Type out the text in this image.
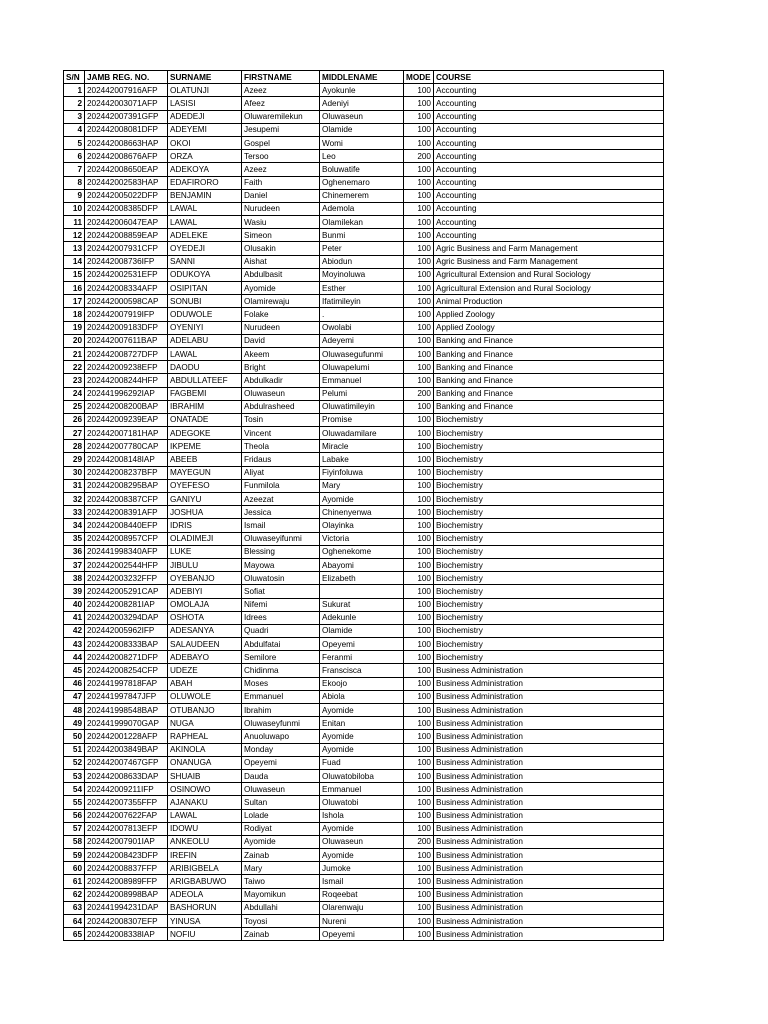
S/N	JAMB REG. NO.	SURNAME	FIRSTNAME	MIDDLENAME	MODE	COURSE
1	202442007916AFP	OLATUNJI	Azeez	Ayokunle	100	Accounting
2	202442003071AFP	LASISI	Afeez	Adeniyi	100	Accounting
3	202442007391GFP	ADEDEJI	Oluwaremilekun	Oluwaseun	100	Accounting
4	202442008081DFP	ADEYEMI	Jesupemi	Olamide	100	Accounting
5	202442008663HAP	OKOI	Gospel	Womi	100	Accounting
6	202442008676AFP	ORZA	Tersoo	Leo	200	Accounting
7	202442008650EAP	ADEKOYA	Azeez	Boluwatife	100	Accounting
8	202442002583HAP	EDAFIRORO	Faith	Oghenemaro	100	Accounting
9	202442005022DFP	BENJAMIN	Daniel	Chinemerem	100	Accounting
10	202442008385DFP	LAWAL	Nurudeen	Ademola	100	Accounting
11	202442006047EAP	LAWAL	Wasiu	Olamilekan	100	Accounting
12	202442008859EAP	ADELEKE	Simeon	Bunmi	100	Accounting
13	202442007931CFP	OYEDEJI	Olusakin	Peter	100	Agric Business and Farm Management
14	202442008736IFP	SANNI	Aishat	Abiodun	100	Agric Business and Farm Management
15	202442002531EFP	ODUKOYA	Abdulbasit	Moyinoluwa	100	Agricultural Extension and Rural Sociology
16	202442008334AFP	OSIPITAN	Ayomide	Esther	100	Agricultural Extension and Rural Sociology
17	202442000598CAP	SONUBI	Olamirewaju	Ifatimileyin	100	Animal Production
18	202442007919IFP	ODUWOLE	Folake	.	100	Applied Zoology
19	202442009183DFP	OYENIYI	Nurudeen	Owolabi	100	Applied Zoology
20	202442007611BAP	ADELABU	David	Adeyemi	100	Banking and Finance
21	202442008727DFP	LAWAL	Akeem	Oluwasegufunmi	100	Banking and Finance
22	202442009238EFP	DAODU	Bright	Oluwapelumi	100	Banking and Finance
23	202442008244HFP	ABDULLATEEF	Abdulkadir	Emmanuel	100	Banking and Finance
24	202441996292IAP	FAGBEMI	Oluwaseun	Pelumi	200	Banking and Finance
25	202442008200BAP	IBRAHIM	Abdulrasheed	Oluwatimileyin	100	Banking and Finance
26	202442009239EAP	ONATADE	Tosin	Promise	100	Biochemistry
27	202442007181HAP	ADEGOKE	Vincent	Oluwadamilare	100	Biochemistry
28	202442007780CAP	IKPEME	Theola	Miracle	100	Biochemistry
29	202442008148IAP	ABEEB	Fridaus	Labake	100	Biochemistry
30	202442008237BFP	MAYEGUN	Aliyat	Fiyinfoluwa	100	Biochemistry
31	202442008295BAP	OYEFESO	Funmilola	Mary	100	Biochemistry
32	202442008387CFP	GANIYU	Azeezat	Ayomide	100	Biochemistry
33	202442008391AFP	JOSHUA	Jessica	Chinenyenwa	100	Biochemistry
34	202442008440EFP	IDRIS	Ismail	Olayinka	100	Biochemistry
35	202442008957CFP	OLADIMEJI	Oluwaseyifunmi	Victoria	100	Biochemistry
36	202441998340AFP	LUKE	Blessing	Oghenekome	100	Biochemistry
37	202442002544HFP	JIBULU	Mayowa	Abayomi	100	Biochemistry
38	202442003232FFP	OYEBANJO	Oluwatosin	Elizabeth	100	Biochemistry
39	202442005291CAP	ADEBIYI	Sofiat		100	Biochemistry
40	202442008281IAP	OMOLAJA	Nifemi	Sukurat	100	Biochemistry
41	202442003294DAP	OSHOTA	Idrees	Adekunle	100	Biochemistry
42	202442005962IFP	ADESANYA	Quadri	Olamide	100	Biochemistry
43	202442008333BAP	SALAUDEEN	Abdulfatai	Opeyemi	100	Biochemistry
44	202442008271DFP	ADEBAYO	Semilore	Feranmi	100	Biochemistry
45	202442008254CFP	UDEZE	Chidinma	Franscisca	100	Business Administration
46	202441997818FAP	ABAH	Moses	Ekoojo	100	Business Administration
47	202441997847JFP	OLUWOLE	Emmanuel	Abiola	100	Business Administration
48	202441998548BAP	OTUBANJO	Ibrahim	Ayomide	100	Business Administration
49	202441999070GAP	NUGA	Oluwaseyfunmi	Enitan	100	Business Administration
50	202442001228AFP	RAPHEAL	Anuoluwapo	Ayomide	100	Business Administration
51	202442003849BAP	AKINOLA	Monday	Ayomide	100	Business Administration
52	202442007467GFP	ONANUGA	Opeyemi	Fuad	100	Business Administration
53	202442008633DAP	SHUAIB	Dauda	Oluwatobiloba	100	Business Administration
54	202442009211IFP	OSINOWO	Oluwaseun	Emmanuel	100	Business Administration
55	202442007355FFP	AJANAKU	Sultan	Oluwatobi	100	Business Administration
56	202442007622FAP	LAWAL	Lolade	Ishola	100	Business Administration
57	202442007813EFP	IDOWU	Rodiyat	Ayomide	100	Business Administration
58	202442007901IAP	ANKEOLU	Ayomide	Oluwaseun	200	Business Administration
59	202442008423DFP	IREFIN	Zainab	Ayomide	100	Business Administration
60	202442008837FFP	ARIBIGBELA	Mary	Jumoke	100	Business Administration
61	202442008989FFP	ARIGBABUWO	Taiwo	Ismail	100	Business Administration
62	202442008998BAP	ADEOLA	Mayomikun	Roqeebat	100	Business Administration
63	202441994231DAP	BASHORUN	Abdullahi	Olarenwaju	100	Business Administration
64	202442008307EFP	YINUSA	Toyosi	Nureni	100	Business Administration
65	202442008338IAP	NOFIU	Zainab	Opeyemi	100	Business Administration
